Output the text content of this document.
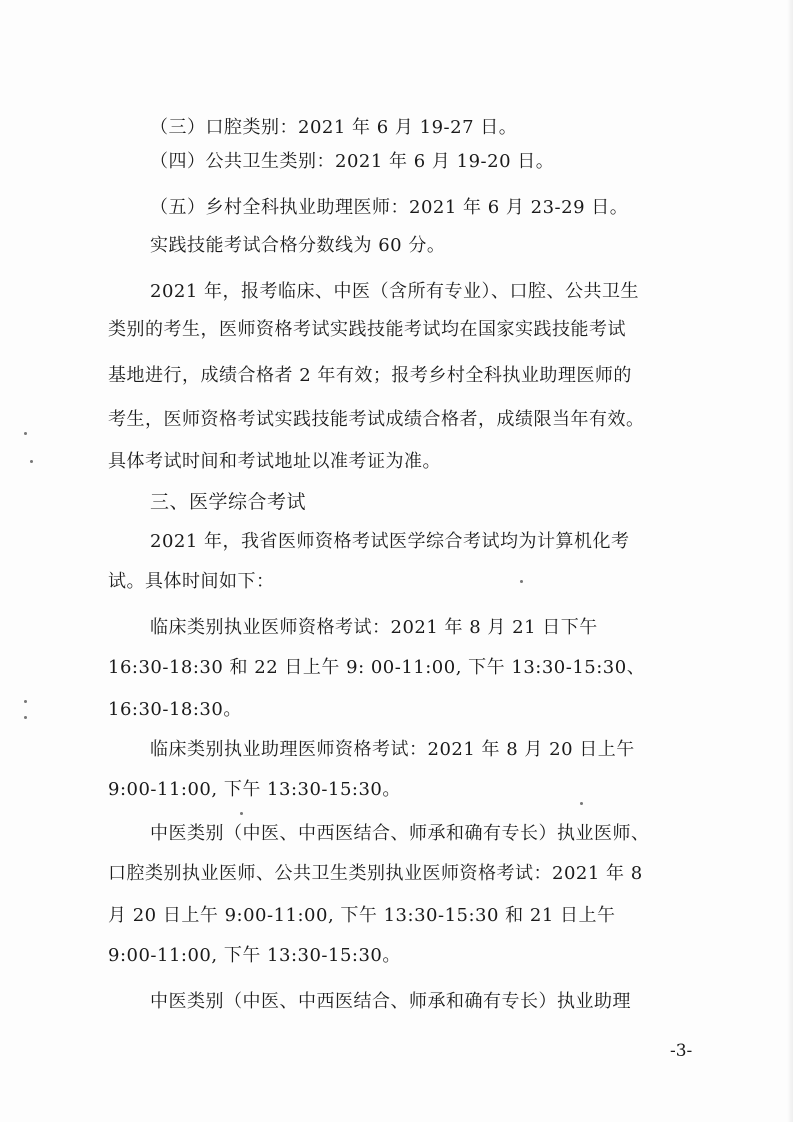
（三）口腔类别：2021 年 6 月 19-27 日。
（四）公共卫生类别：2021 年 6 月 19-20 日。
（五）乡村全科执业助理医师：2021 年 6 月 23-29 日。
实践技能考试合格分数线为 60 分。
2021 年，报考临床、中医（含所有专业）、口腔、公共卫生
类别的考生，医师资格考试实践技能考试均在国家实践技能考试
基地进行，成绩合格者 2 年有效；报考乡村全科执业助理医师的
考生，医师资格考试实践技能考试成绩合格者，成绩限当年有效。
具体考试时间和考试地址以准考证为准。
三、医学综合考试
2021 年，我省医师资格考试医学综合考试均为计算机化考
试。具体时间如下：
临床类别执业医师资格考试：2021 年 8 月 21 日下午
16:30-18:30 和 22 日上午 9: 00-11:00, 下午 13:30-15:30、
16:30-18:30。
临床类别执业助理医师资格考试：2021 年 8 月 20 日上午
9:00-11:00, 下午 13:30-15:30。
中医类别（中医、中西医结合、师承和确有专长）执业医师、
口腔类别执业医师、公共卫生类别执业医师资格考试：2021 年 8
月 20 日上午 9:00-11:00, 下午 13:30-15:30 和 21 日上午
9:00-11:00, 下午 13:30-15:30。
中医类别（中医、中西医结合、师承和确有专长）执业助理
-3-
